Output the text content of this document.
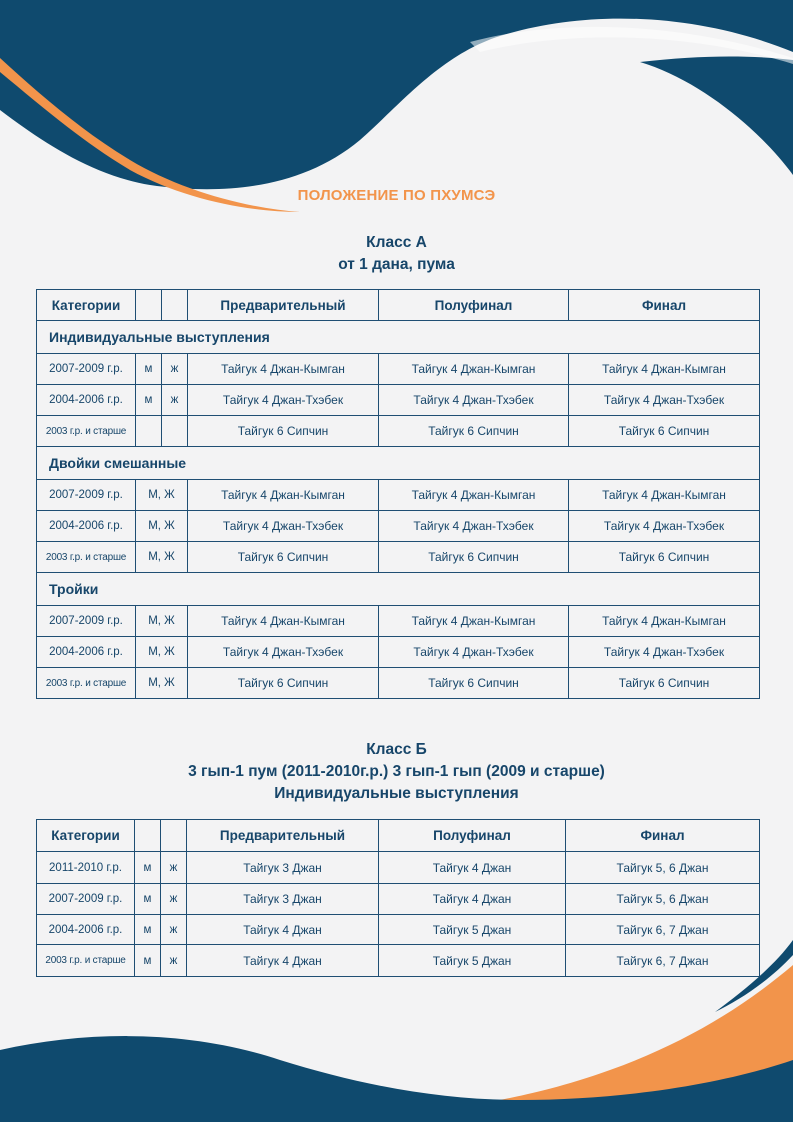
ПОЛОЖЕНИЕ ПО ПХУМСЭ
Класс А
от 1 дана, пума
Категории			Предварительный	Полуфинал	Финал
Индивидуальные выступления					
2007-2009 г.р.	м	ж	Тайгук 4 Джан-Кымган	Тайгук 4 Джан-Кымган	Тайгук 4 Джан-Кымган
2004-2006 г.р.	м	ж	Тайгук 4 Джан-Тхэбек	Тайгук 4 Джан-Тхэбек	Тайгук 4 Джан-Тхэбек
2003 г.р. и старше			Тайгук 6 Сипчин	Тайгук 6 Сипчин	Тайгук 6 Сипчин
Двойки смешанные					
2007-2009 г.р.	М, Ж		Тайгук 4 Джан-Кымган	Тайгук 4 Джан-Кымган	Тайгук 4 Джан-Кымган
2004-2006 г.р.	М, Ж		Тайгук 4 Джан-Тхэбек	Тайгук 4 Джан-Тхэбек	Тайгук 4 Джан-Тхэбек
2003 г.р. и старше	М, Ж		Тайгук 6 Сипчин	Тайгук 6 Сипчин	Тайгук 6 Сипчин
Тройки					
2007-2009 г.р.	М, Ж		Тайгук 4 Джан-Кымган	Тайгук 4 Джан-Кымган	Тайгук 4 Джан-Кымган
2004-2006 г.р.	М, Ж		Тайгук 4 Джан-Тхэбек	Тайгук 4 Джан-Тхэбек	Тайгук 4 Джан-Тхэбек
2003 г.р. и старше	М, Ж		Тайгук 6 Сипчин	Тайгук 6 Сипчин	Тайгук 6 Сипчин
Класс Б
3 гып-1 пум (2011-2010г.р.) 3 гып-1 гып (2009 и старше)
Индивидуальные выступления
Категории			Предварительный	Полуфинал	Финал
2011-2010 г.р.	м	ж	Тайгук 3 Джан	Тайгук 4 Джан	Тайгук 5, 6 Джан
2007-2009 г.р.	м	ж	Тайгук 3 Джан	Тайгук 4 Джан	Тайгук 5, 6 Джан
2004-2006 г.р.	м	ж	Тайгук 4 Джан	Тайгук 5 Джан	Тайгук 6, 7 Джан
2003 г.р. и старше	м	ж	Тайгук 4 Джан	Тайгук 5 Джан	Тайгук 6, 7 Джан
